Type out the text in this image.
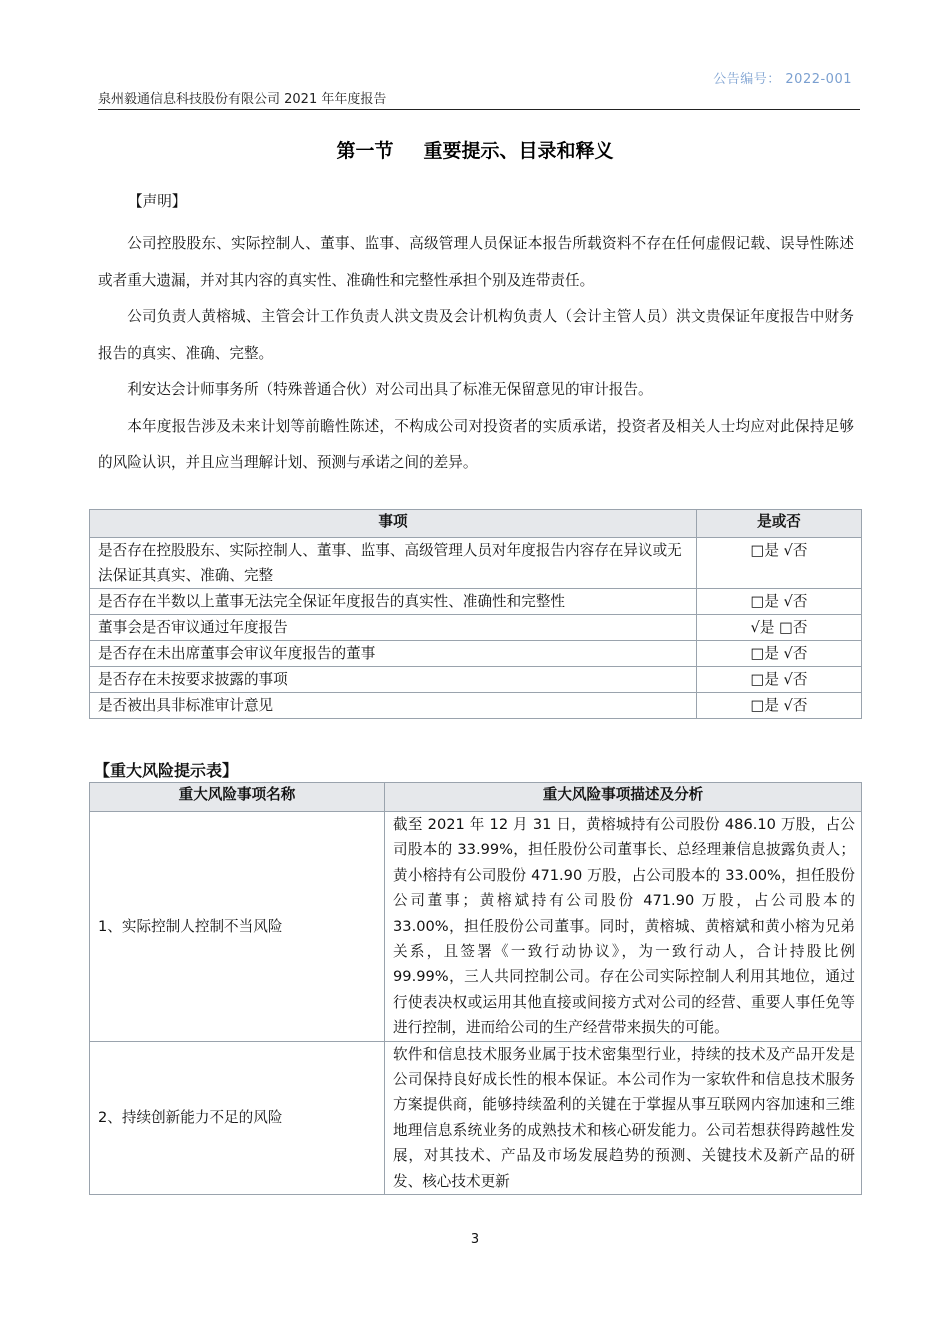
公告编号： 2022-001
泉州毅通信息科技股份有限公司 2021 年年度报告
第一节 重要提示、目录和释义
【声明】

公司控股股东、实际控制人、董事、监事、高级管理人员保证本报告所载资料不存在任何虚假记载、误导性陈述或者重大遗漏，并对其内容的真实性、准确性和完整性承担个别及连带责任。

公司负责人黄榕城、主管会计工作负责人洪文贵及会计机构负责人（会计主管人员）洪文贵保证年度报告中财务报告的真实、准确、完整。

利安达会计师事务所（特殊普通合伙）对公司出具了标准无保留意见的审计报告。

本年度报告涉及未来计划等前瞻性陈述，不构成公司对投资者的实质承诺，投资者及相关人士均应对此保持足够的风险认识，并且应当理解计划、预测与承诺之间的差异。

事项	是或否
是否存在控股股东、实际控制人、董事、监事、高级管理人员对年度报告内容存在异议或无法保证其真实、准确、完整	□是 √否
是否存在半数以上董事无法完全保证年度报告的真实性、准确性和完整性	□是 √否
董事会是否审议通过年度报告	√是 □否
是否存在未出席董事会审议年度报告的董事	□是 √否
是否存在未按要求披露的事项	□是 √否
是否被出具非标准审计意见	□是 √否
【重大风险提示表】
重大风险事项名称	重大风险事项描述及分析
1、实际控制人控制不当风险	截至 2021 年 12 月 31 日，黄榕城持有公司股份 486.10 万股，占公司股本的 33.99%，担任股份公司董事长、总经理兼信息披露负责人；黄小榕持有公司股份 471.90 万股，占公司股本的 33.00%，担任股份公司董事；黄榕斌持有公司股份 471.90 万股，占公司股本的 33.00%，担任股份公司董事。同时，黄榕城、黄榕斌和黄小榕为兄弟关系，且签署《一致行动协议》，为一致行动人，合计持股比例 99.99%，三人共同控制公司。存在公司实际控制人利用其地位，通过行使表决权或运用其他直接或间接方式对公司的经营、重要人事任免等进行控制，进而给公司的生产经营带来损失的可能。
2、持续创新能力不足的风险	软件和信息技术服务业属于技术密集型行业，持续的技术及产品开发是公司保持良好成长性的根本保证。本公司作为一家软件和信息技术服务方案提供商，能够持续盈利的关键在于掌握从事互联网内容加速和三维地理信息系统业务的成熟技术和核心研发能力。公司若想获得跨越性发展，对其技术、产品及市场发展趋势的预测、关键技术及新产品的研发、核心技术更新
3
